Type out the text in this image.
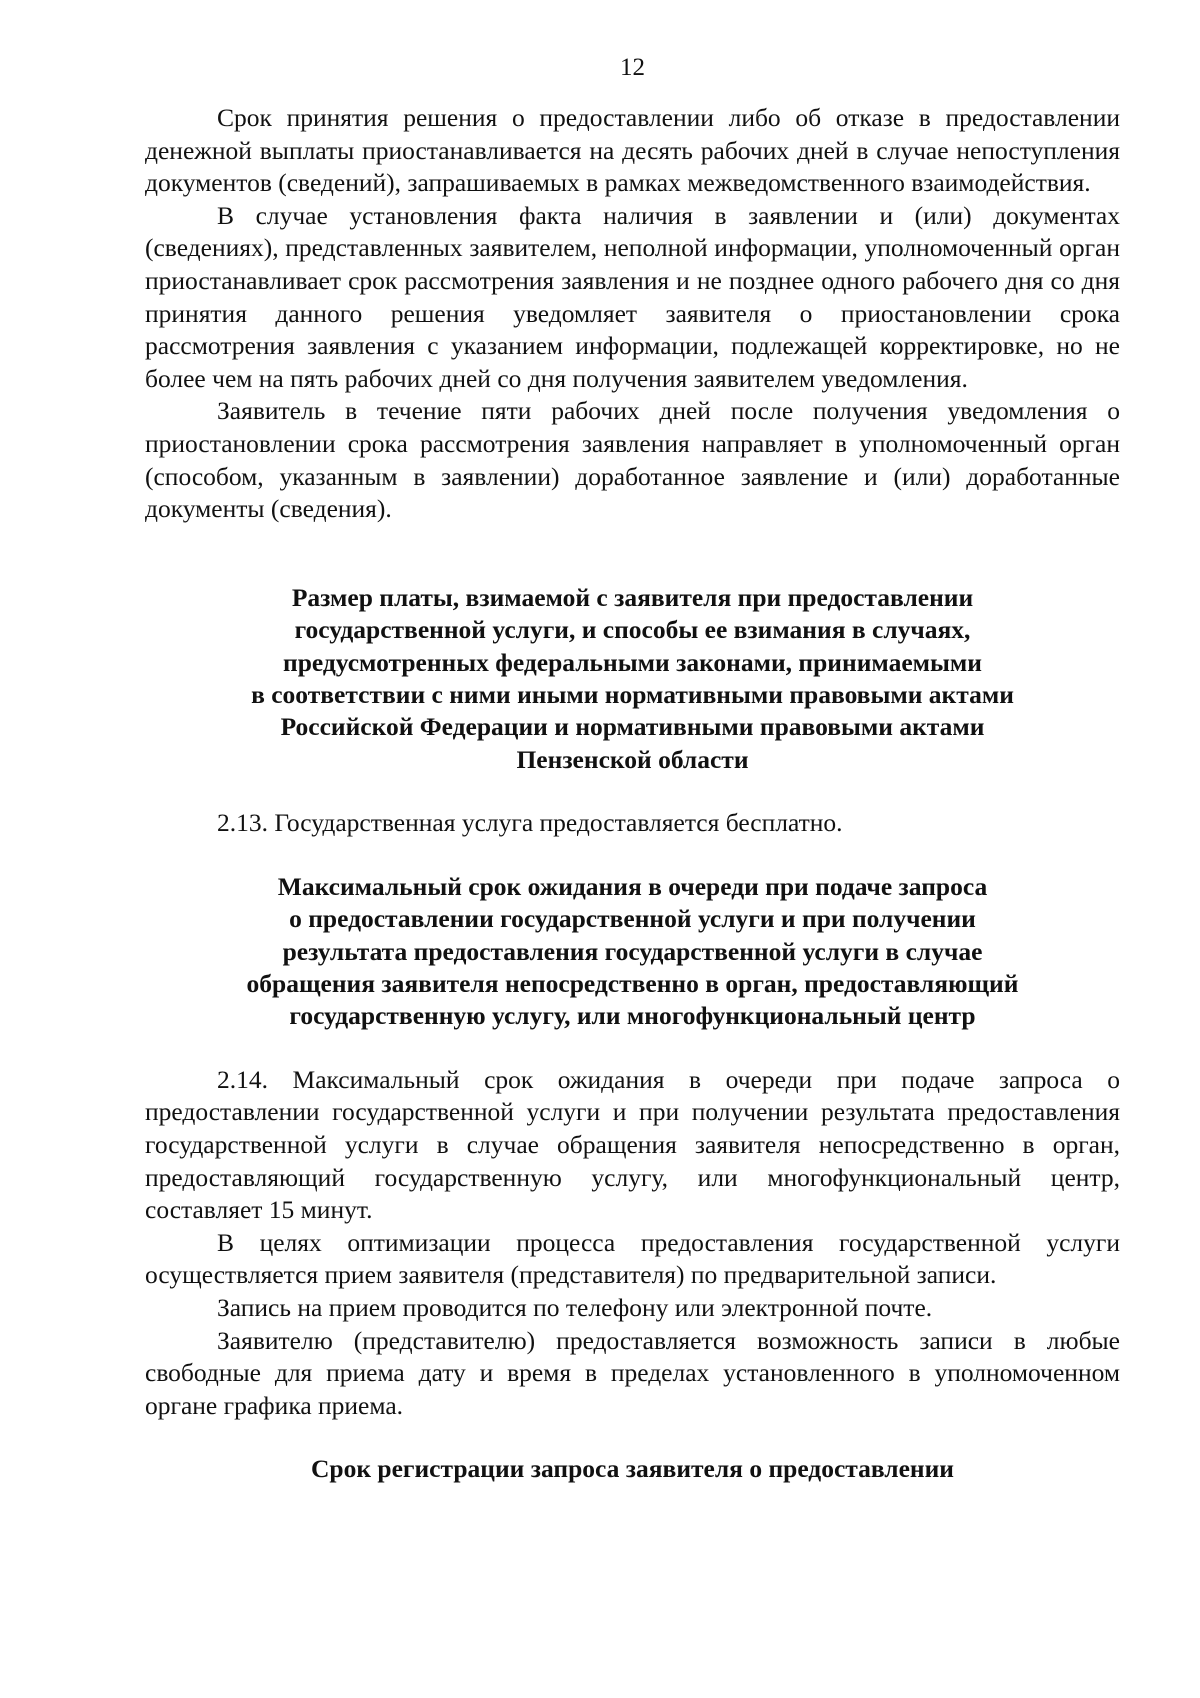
12

Срок принятия решения о предоставлении либо об отказе в предоставлении денежной выплаты приостанавливается на десять рабочих дней в случае непоступления документов (сведений), запрашиваемых в рамках межведомственного взаимодействия.

В случае установления факта наличия в заявлении и (или) документах (сведениях), представленных заявителем, неполной информации, уполномоченный орган приостанавливает срок рассмотрения заявления и не позднее одного рабочего дня со дня принятия данного решения уведомляет заявителя о приостановлении срока рассмотрения заявления с указанием информации, подлежащей корректировке, но не более чем на пять рабочих дней со дня получения заявителем уведомления.

Заявитель в течение пяти рабочих дней после получения уведомления о приостановлении срока рассмотрения заявления направляет в уполномоченный орган (способом, указанным в заявлении) доработанное заявление и (или) доработанные документы (сведения).

Размер платы, взимаемой с заявителя при предоставлении
государственной услуги, и способы ее взимания в случаях,
предусмотренных федеральными законами, принимаемыми
в соответствии с ними иными нормативными правовыми актами
Российской Федерации и нормативными правовыми актами
Пензенской области

2.13. Государственная услуга предоставляется бесплатно.

Максимальный срок ожидания в очереди при подаче запроса
о предоставлении государственной услуги и при получении
результата предоставления государственной услуги в случае
обращения заявителя непосредственно в орган, предоставляющий
государственную услугу, или многофункциональный центр

2.14. Максимальный срок ожидания в очереди при подаче запроса о предоставлении государственной услуги и при получении результата предоставления государственной услуги в случае обращения заявителя непосредственно в орган, предоставляющий государственную услугу, или многофункциональный центр, составляет 15 минут.

В целях оптимизации процесса предоставления государственной услуги осуществляется прием заявителя (представителя) по предварительной записи.

Запись на прием проводится по телефону или электронной почте.

Заявителю (представителю) предоставляется возможность записи в любые свободные для приема дату и время в пределах установленного в уполномоченном органе графика приема.

Срок регистрации запроса заявителя о предоставлении
